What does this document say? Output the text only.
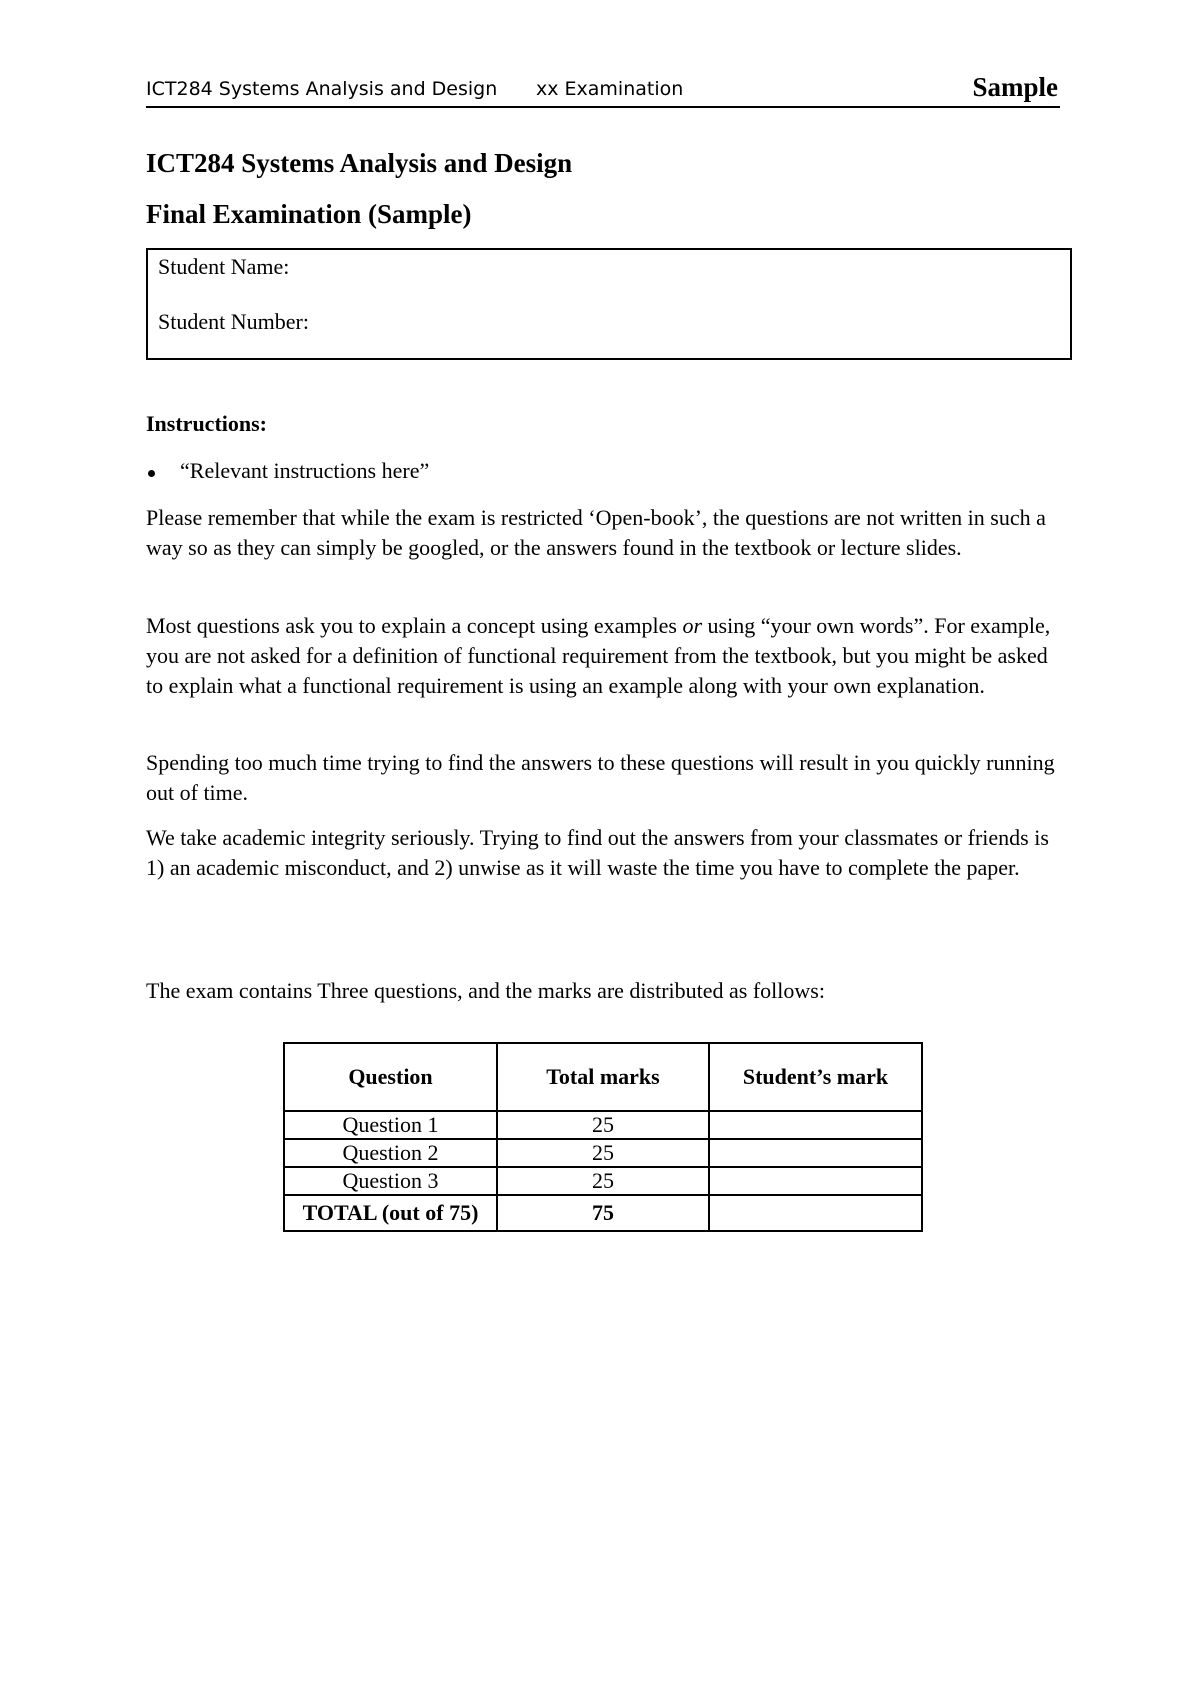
ICT284 Systems Analysis and Design xx Examination	Sample
ICT284 Systems Analysis and Design
Final Examination (Sample)
Student Name:
Student Number:
Instructions:
“Relevant instructions here”
Please remember that while the exam is restricted ‘Open-book’, the questions are not written in such a way so as they can simply be googled, or the answers found in the textbook or lecture slides.
Most questions ask you to explain a concept using examples or using “your own words”. For example, you are not asked for a definition of functional requirement from the textbook, but you might be asked to explain what a functional requirement is using an example along with your own explanation.
Spending too much time trying to find the answers to these questions will result in you quickly running out of time.
We take academic integrity seriously. Trying to find out the answers from your classmates or friends is 1) an academic misconduct, and 2) unwise as it will waste the time you have to complete the paper.
The exam contains Three questions, and the marks are distributed as follows:
Question	Total marks	Student’s mark
Question 1	25	
Question 2	25	
Question 3	25	
TOTAL (out of 75)	75	
